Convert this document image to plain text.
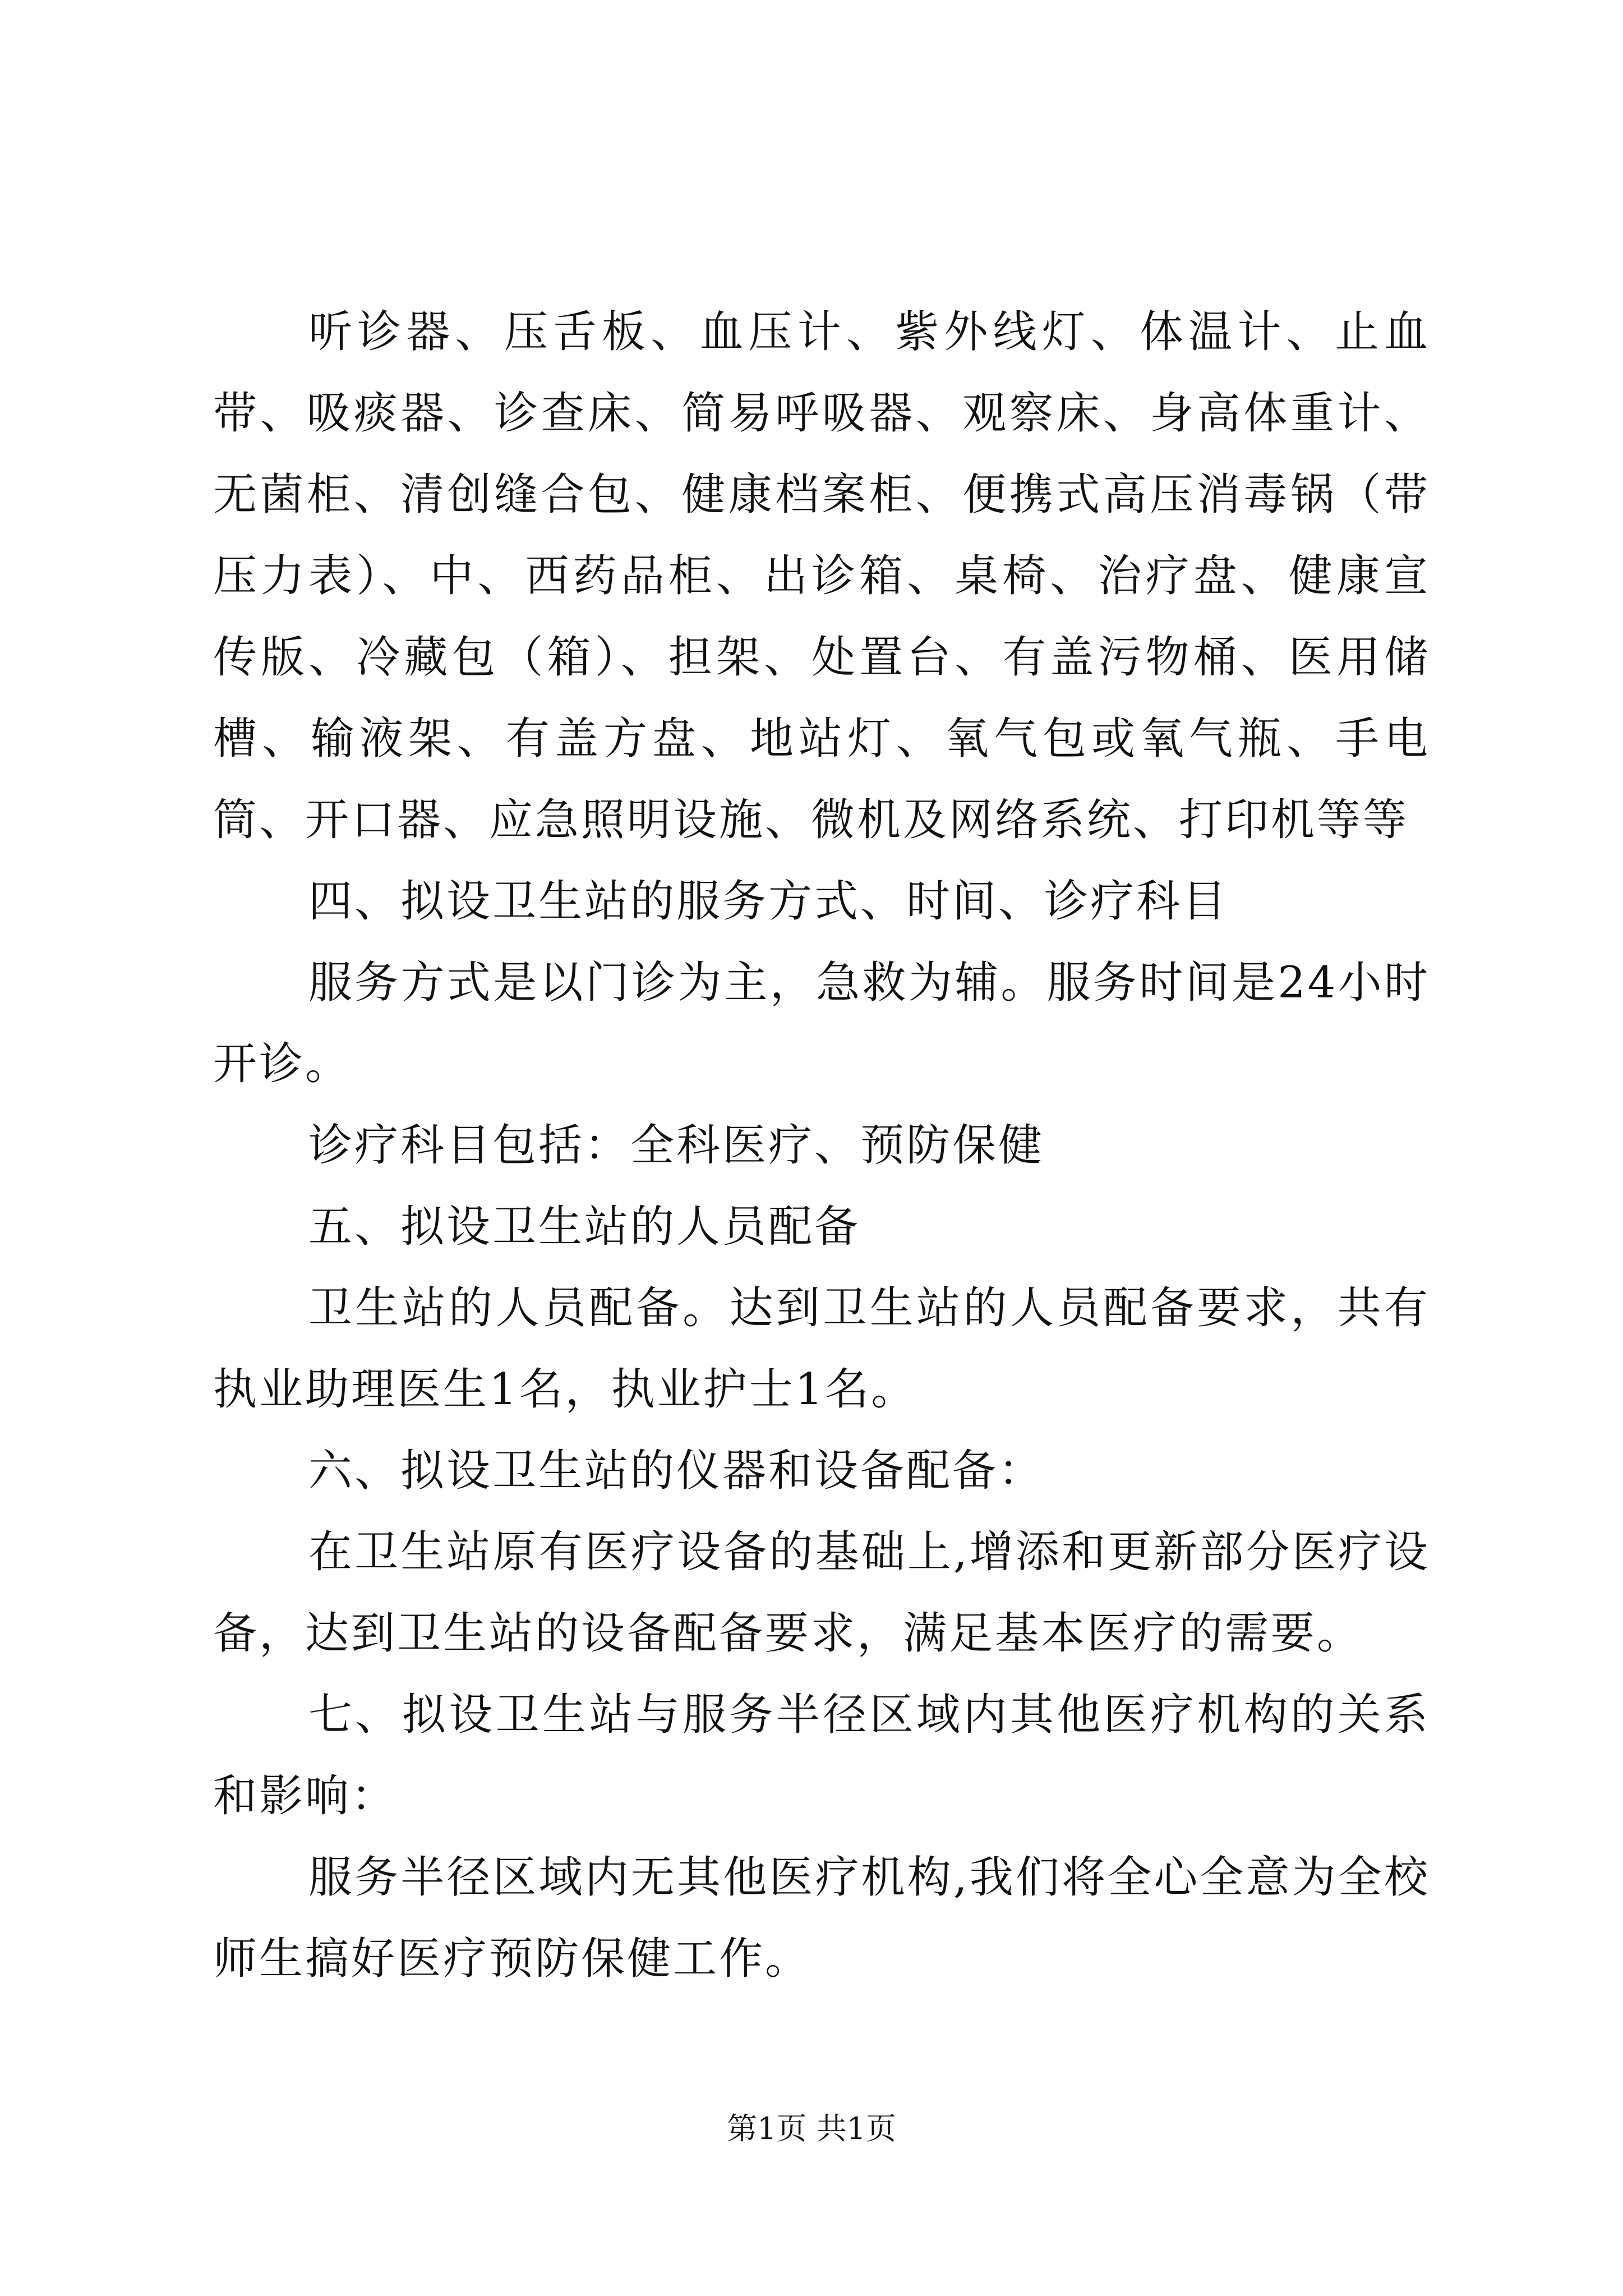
听诊器、压舌板、血压计、紫外线灯、体温计、止血带、吸痰器、诊查床、简易呼吸器、观察床、身高体重计、无菌柜、清创缝合包、健康档案柜、便携式高压消毒锅（带压力表）、中、西药品柜、出诊箱、桌椅、治疗盘、健康宣传版、冷藏包（箱）、担架、处置台、有盖污物桶、医用储槽、输液架、有盖方盘、地站灯、氧气包或氧气瓶、手电筒、开口器、应急照明设施、微机及网络系统、打印机等等

四、拟设卫生站的服务方式、时间、诊疗科目

服务方式是以门诊为主，急救为辅。服务时间是24小时开诊。

诊疗科目包括：全科医疗、预防保健

五、拟设卫生站的人员配备

卫生站的人员配备。达到卫生站的人员配备要求，共有执业助理医生1名，执业护士1名。

六、拟设卫生站的仪器和设备配备：

在卫生站原有医疗设备的基础上,增添和更新部分医疗设备，达到卫生站的设备配备要求，满足基本医疗的需要。

七、拟设卫生站与服务半径区域内其他医疗机构的关系和影响：

服务半径区域内无其他医疗机构,我们将全心全意为全校师生搞好医疗预防保健工作。

第1页 共1页
